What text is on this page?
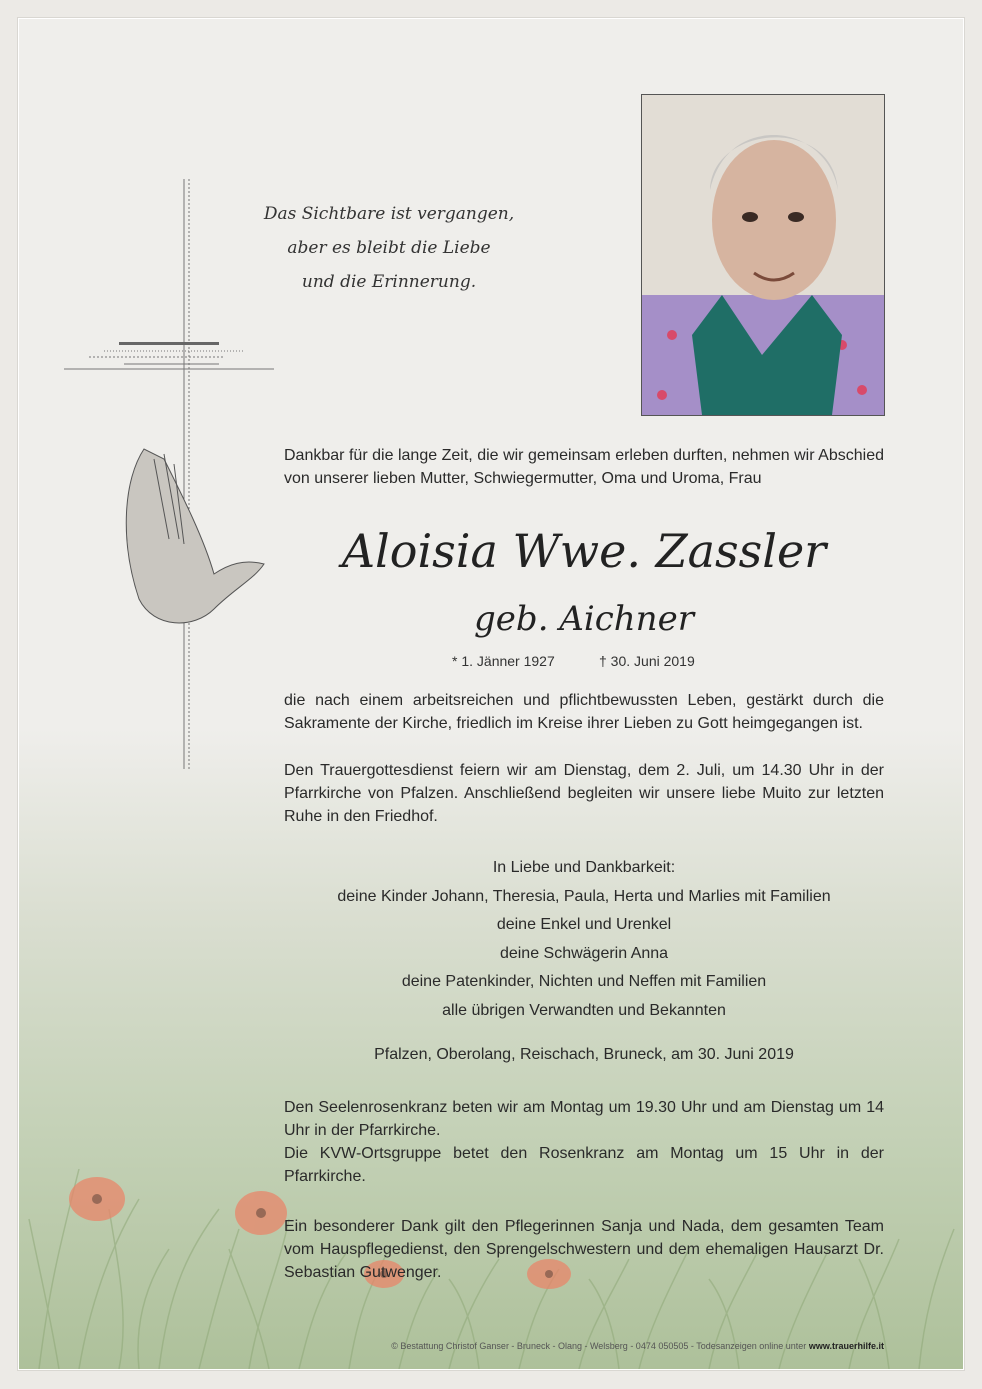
Das Sichtbare ist vergangen,
aber es bleibt die Liebe
und die Erinnerung.
Dankbar für die lange Zeit, die wir gemeinsam erleben durften, nehmen wir Abschied von unserer lieben Mutter, Schwiegermutter, Oma und Uroma, Frau
Aloisia Wwe. Zassler
geb. Aichner
* 1. Jänner 1927	† 30. Juni 2019
die nach einem arbeitsreichen und pflichtbewussten Leben, gestärkt durch die Sakramente der Kirche, friedlich im Kreise ihrer Lieben zu Gott heimgegangen ist.
Den Trauergottesdienst feiern wir am Dienstag, dem 2. Juli, um 14.30 Uhr in der Pfarrkirche von Pfalzen. Anschließend begleiten wir unsere liebe Muito zur letzten Ruhe in den Friedhof.
In Liebe und Dankbarkeit:
deine Kinder Johann, Theresia, Paula, Herta und Marlies mit Familien
deine Enkel und Urenkel
deine Schwägerin Anna
deine Patenkinder, Nichten und Neffen mit Familien
alle übrigen Verwandten und Bekannten
Pfalzen, Oberolang, Reischach, Bruneck, am 30. Juni 2019
Den Seelenrosenkranz beten wir am Montag um 19.30 Uhr und am Dienstag um 14 Uhr in der Pfarrkirche.
Die KVW-Ortsgruppe betet den Rosenkranz am Montag um 15 Uhr in der Pfarrkirche.
Ein besonderer Dank gilt den Pflegerinnen Sanja und Nada, dem gesamten Team vom Hauspflegedienst, den Sprengelschwestern und dem ehemaligen Hausarzt Dr. Sebastian Gutwenger.
© Bestattung Christof Ganser - Bruneck - Olang - Welsberg - 0474 050505 - Todesanzeigen online unter www.trauerhilfe.it
